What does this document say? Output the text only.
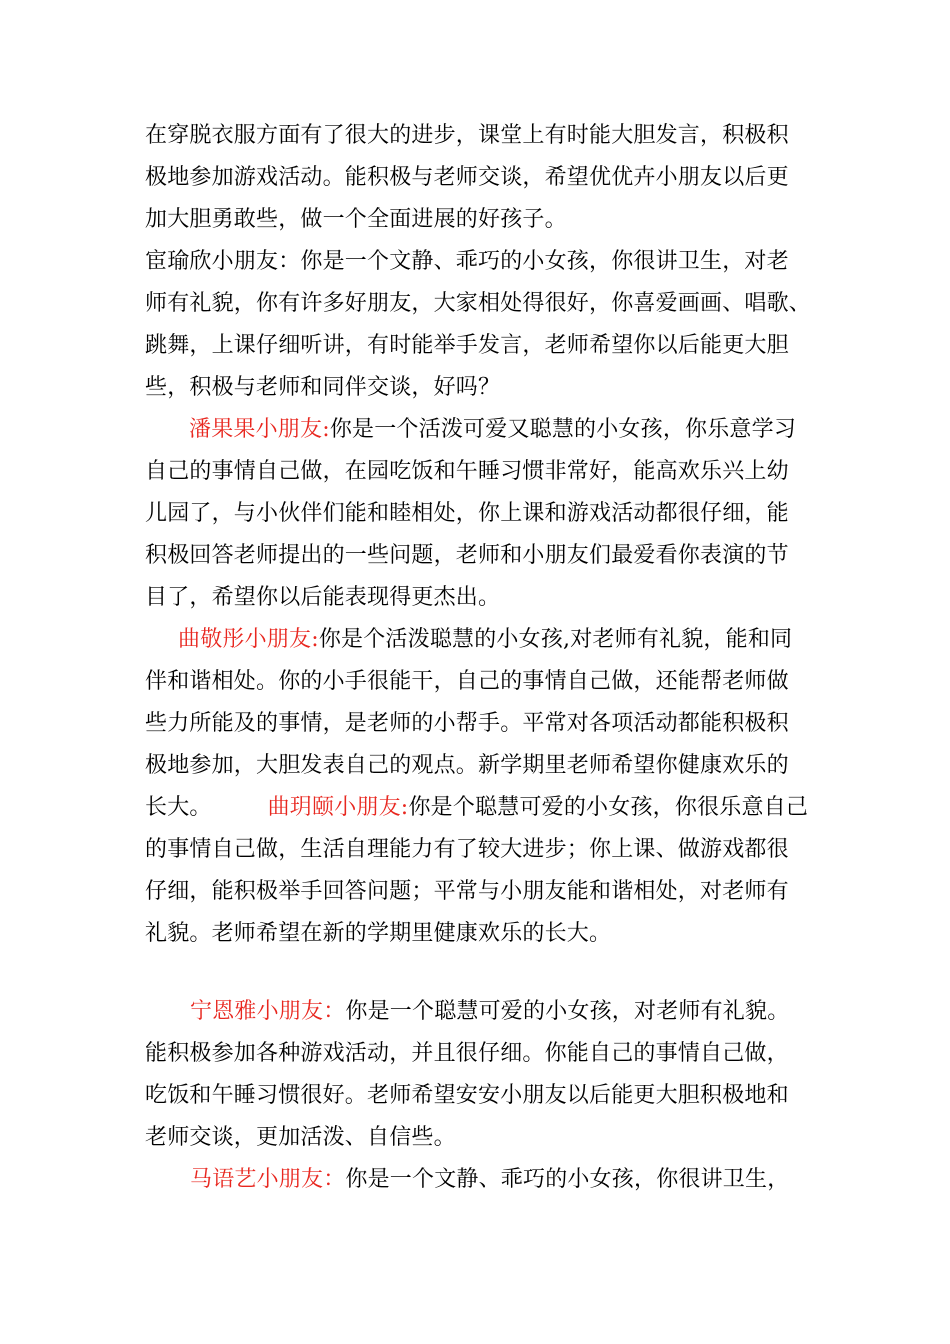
在穿脱衣服方面有了很大的进步，课堂上有时能大胆发言，积极积
极地参加游戏活动。能积极与老师交谈，希望优优卉小朋友以后更
加大胆勇敢些，做一个全面进展的好孩子。
宦瑜欣小朋友：你是一个文静、乖巧的小女孩，你很讲卫生，对老
师有礼貌，你有许多好朋友，大家相处得很好，你喜爱画画、唱歌、
跳舞，上课仔细听讲，有时能举手发言，老师希望你以后能更大胆
些，积极与老师和同伴交谈，好吗？
潘果果小朋友:你是一个活泼可爱又聪慧的小女孩，你乐意学习
自己的事情自己做，在园吃饭和午睡习惯非常好，能高欢乐兴上幼
儿园了，与小伙伴们能和睦相处，你上课和游戏活动都很仔细，能
积极回答老师提出的一些问题，老师和小朋友们最爱看你表演的节
目了，希望你以后能表现得更杰出。
曲敬彤小朋友:你是个活泼聪慧的小女孩,对老师有礼貌，能和同
伴和谐相处。你的小手很能干，自己的事情自己做，还能帮老师做
些力所能及的事情，是老师的小帮手。平常对各项活动都能积极积
极地参加，大胆发表自己的观点。新学期里老师希望你健康欢乐的
长大。	曲玥颐小朋友:你是个聪慧可爱的小女孩，你很乐意自己
的事情自己做，生活自理能力有了较大进步；你上课、做游戏都很
仔细，能积极举手回答问题；平常与小朋友能和谐相处，对老师有
礼貌。老师希望在新的学期里健康欢乐的长大。
宁恩雅小朋友：你是一个聪慧可爱的小女孩，对老师有礼貌。
能积极参加各种游戏活动，并且很仔细。你能自己的事情自己做，
吃饭和午睡习惯很好。老师希望安安小朋友以后能更大胆积极地和
老师交谈，更加活泼、自信些。
马语艺小朋友：你是一个文静、乖巧的小女孩，你很讲卫生，
